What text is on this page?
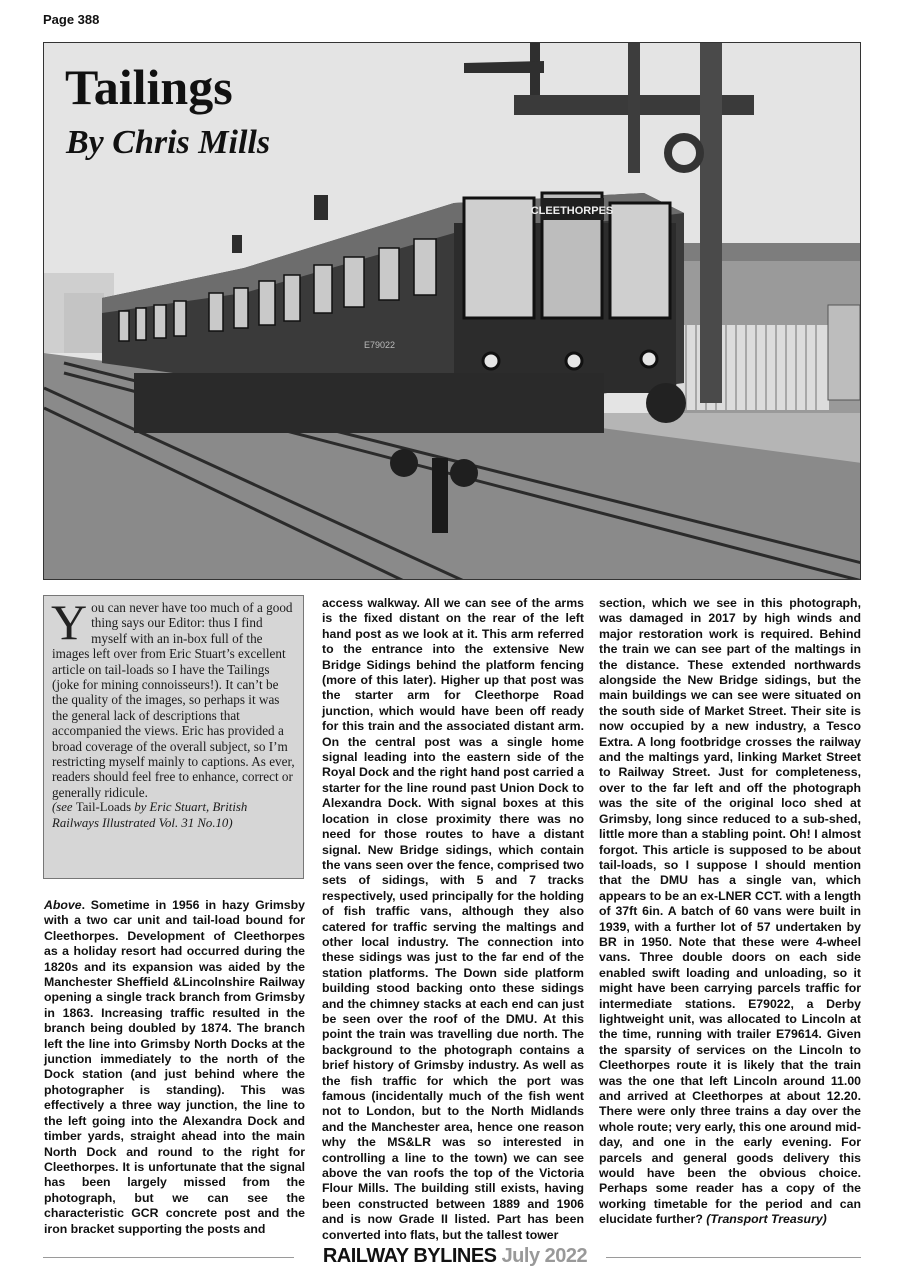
Page 388
CLEETHORPES
E79022
Tailings
By Chris Mills
Y ou can never have too much of a good thing says our Editor: thus I find myself with an in-box full of the images left over from Eric Stuart’s excellent article on tail-loads so I have the Tailings (joke for mining connoisseurs!). It can’t be the quality of the images, so perhaps it was the general lack of descriptions that accompanied the views. Eric has provided a broad coverage of the overall subject, so I’m restricting myself mainly to captions. As ever, readers should feel free to enhance, correct or generally ridicule.
(see Tail-Loads by Eric Stuart, British Railways Illustrated Vol. 31 No.10)

Above. Sometime in 1956 in hazy Grimsby with a two car unit and tail-load bound for Cleethorpes. Development of Cleethorpes as a holiday resort had occurred during the 1820s and its expansion was aided by the Manchester Sheffield &Lincolnshire Railway opening a single track branch from Grimsby in 1863. Increasing traffic resulted in the branch being doubled by 1874. The branch left the line into Grimsby North Docks at the junction immediately to the north of the Dock station (and just behind where the photographer is standing). This was effectively a three way junction, the line to the left going into the Alexandra Dock and timber yards, straight ahead into the main North Dock and round to the right for Cleethorpes. It is unfortunate that the signal has been largely missed from the photograph, but we can see the characteristic GCR concrete post and the iron bracket supporting the posts and

access walkway. All we can see of the arms is the fixed distant on the rear of the left hand post as we look at it. This arm referred to the entrance into the extensive New Bridge Sidings behind the platform fencing (more of this later). Higher up that post was the starter arm for Cleethorpe Road junction, which would have been off ready for this train and the associated distant arm. On the central post was a single home signal leading into the eastern side of the Royal Dock and the right hand post carried a starter for the line round past Union Dock to Alexandra Dock. With signal boxes at this location in close proximity there was no need for those routes to have a distant signal. New Bridge sidings, which contain the vans seen over the fence, comprised two sets of sidings, with 5 and 7 tracks respectively, used principally for the holding of fish traffic vans, although they also catered for traffic serving the maltings and other local industry. The connection into these sidings was just to the far end of the station platforms. The Down side platform building stood backing onto these sidings and the chimney stacks at each end can just be seen over the roof of the DMU. At this point the train was travelling due north. The background to the photograph contains a brief history of Grimsby industry. As well as the fish traffic for which the port was famous (incidentally much of the fish went not to London, but to the North Midlands and the Manchester area, hence one reason why the MS&LR was so interested in controlling a line to the town) we can see above the van roofs the top of the Victoria Flour Mills. The building still exists, having been constructed between 1889 and 1906 and is now Grade II listed. Part has been converted into flats, but the tallest tower

section, which we see in this photograph, was damaged in 2017 by high winds and major restoration work is required. Behind the train we can see part of the maltings in the distance. These extended northwards alongside the New Bridge sidings, but the main buildings we can see were situated on the south side of Market Street. Their site is now occupied by a new industry, a Tesco Extra. A long footbridge crosses the railway and the maltings yard, linking Market Street to Railway Street. Just for completeness, over to the far left and off the photograph was the site of the original loco shed at Grimsby, long since reduced to a sub-shed, little more than a stabling point. Oh! I almost forgot. This article is supposed to be about tail-loads, so I suppose I should mention that the DMU has a single van, which appears to be an ex-LNER CCT. with a length of 37ft 6in. A batch of 60 vans were built in 1939, with a further lot of 57 undertaken by BR in 1950. Note that these were 4-wheel vans. Three double doors on each side enabled swift loading and unloading, so it might have been carrying parcels traffic for intermediate stations. E79022, a Derby lightweight unit, was allocated to Lincoln at the time, running with trailer E79614. Given the sparsity of services on the Lincoln to Cleethorpes route it is likely that the train was the one that left Lincoln around 11.00 and arrived at Cleethorpes at about 12.20. There were only three trains a day over the whole route; very early, this one around mid-day, and one in the early evening. For parcels and general goods delivery this would have been the obvious choice. Perhaps some reader has a copy of the working timetable for the period and can elucidate further? (Transport Treasury)

RAILWAY BYLINES July 2022
